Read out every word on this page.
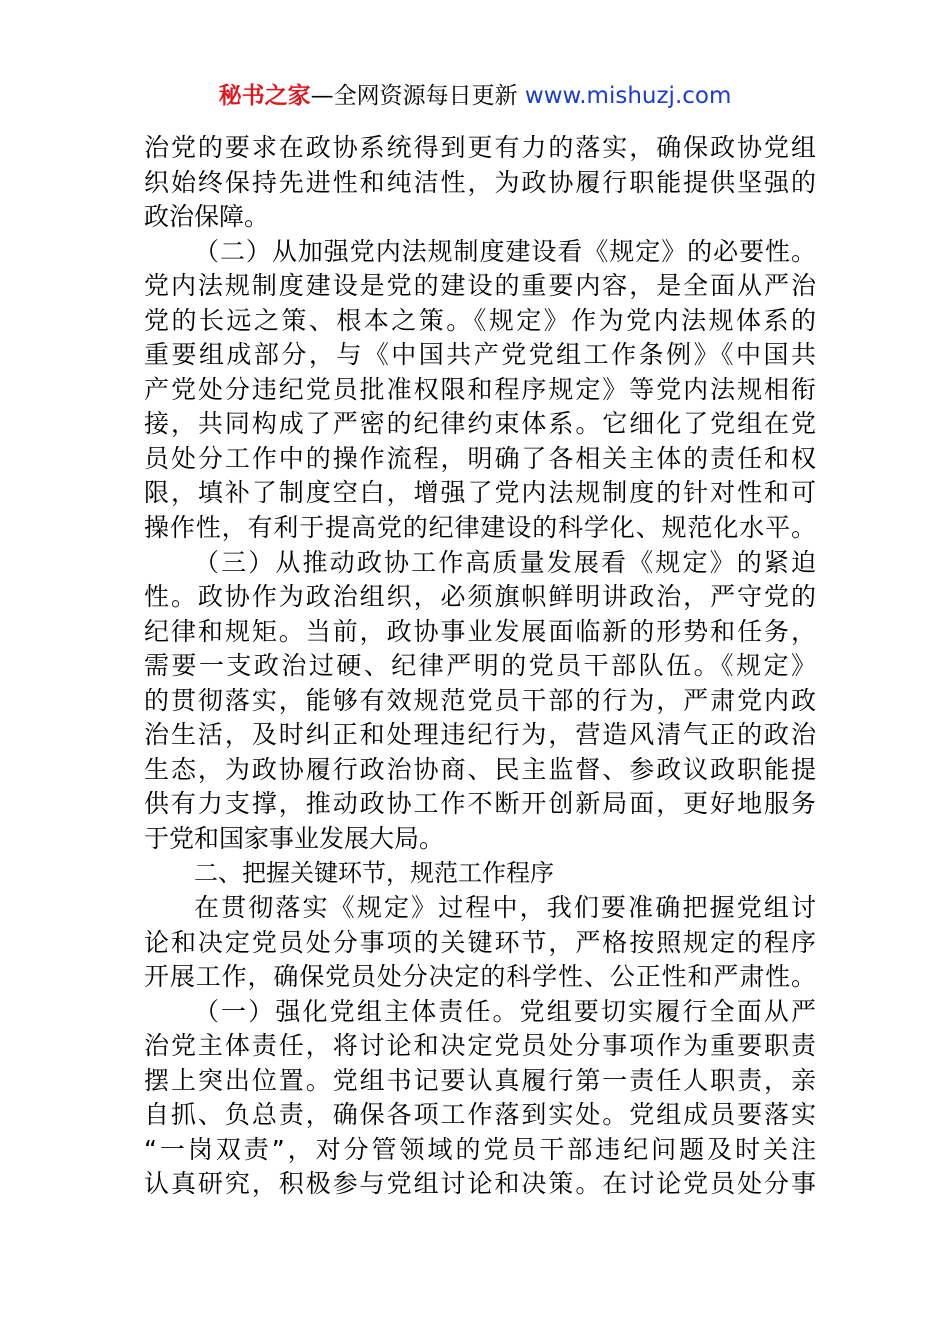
秘书之家—全网资源每日更新 www.mishuzj.com
治党的要求在政协系统得到更有力的落实，确保政协党组
织始终保持先进性和纯洁性，为政协履行职能提供坚强的
政治保障。
（二）从加强党内法规制度建设看《规定》的必要性。
党内法规制度建设是党的建设的重要内容，是全面从严治
党的长远之策、根本之策。《规定》作为党内法规体系的
重要组成部分，与《中国共产党党组工作条例》《中国共
产党处分违纪党员批准权限和程序规定》等党内法规相衔
接，共同构成了严密的纪律约束体系。它细化了党组在党
员处分工作中的操作流程，明确了各相关主体的责任和权
限，填补了制度空白，增强了党内法规制度的针对性和可
操作性，有利于提高党的纪律建设的科学化、规范化水平。
（三）从推动政协工作高质量发展看《规定》的紧迫
性。政协作为政治组织，必须旗帜鲜明讲政治，严守党的
纪律和规矩。当前，政协事业发展面临新的形势和任务，
需要一支政治过硬、纪律严明的党员干部队伍。《规定》
的贯彻落实，能够有效规范党员干部的行为，严肃党内政
治生活，及时纠正和处理违纪行为，营造风清气正的政治
生态，为政协履行政治协商、民主监督、参政议政职能提
供有力支撑，推动政协工作不断开创新局面，更好地服务
于党和国家事业发展大局。
二、把握关键环节，规范工作程序
在贯彻落实《规定》过程中，我们要准确把握党组讨
论和决定党员处分事项的关键环节，严格按照规定的程序
开展工作，确保党员处分决定的科学性、公正性和严肃性。
（一）强化党组主体责任。党组要切实履行全面从严
治党主体责任，将讨论和决定党员处分事项作为重要职责
摆上突出位置。党组书记要认真履行第一责任人职责，亲
自抓、负总责，确保各项工作落到实处。党组成员要落实
“一岗双责”，对分管领域的党员干部违纪问题及时关注
认真研究，积极参与党组讨论和决策。在讨论党员处分事
